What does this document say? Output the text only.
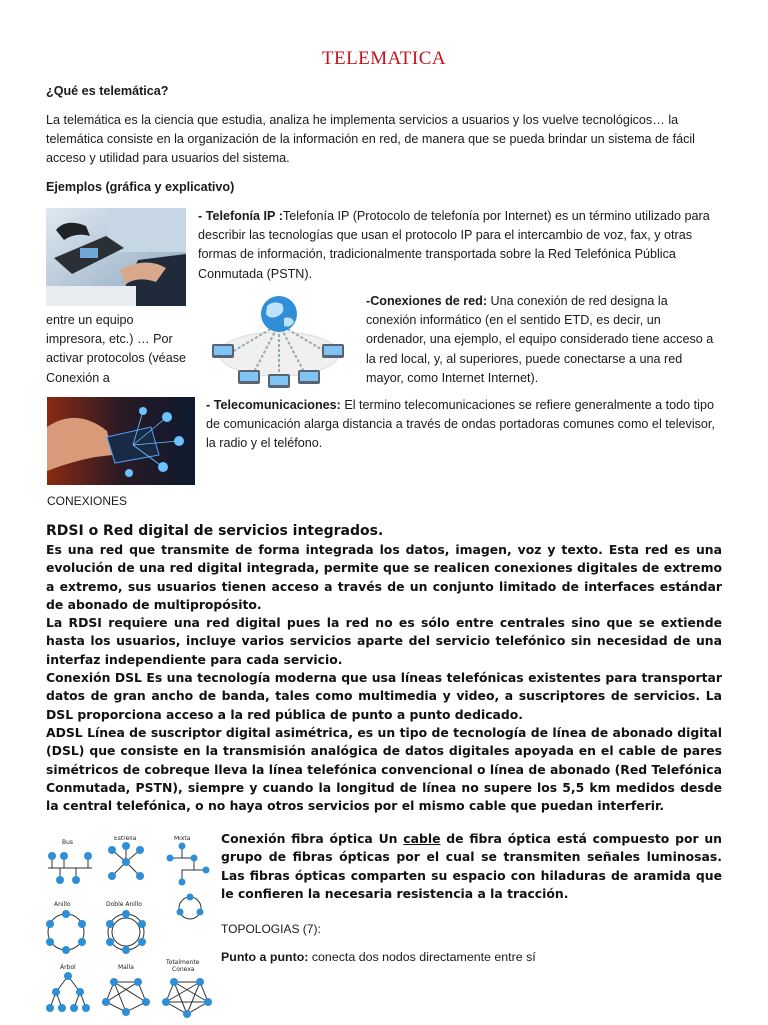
TELEMATICA
¿Qué es telemática?
La telemática es la ciencia que estudia, analiza he implementa servicios a usuarios y los vuelve tecnológicos… la telemática consiste en la organización de la información en red, de manera que se pueda brindar un sistema de fácil acceso y utilidad para usuarios del sistema.
Ejemplos (gráfica y explicativo)
- Telefonía IP :Telefonía IP (Protocolo de telefonía por Internet) es un término utilizado para describir las tecnologías que usan el protocolo IP para el intercambio de voz, fax, y otras formas de información, tradicionalmente transportada sobre la Red Telefónica Pública Conmutada (PSTN).
entre un equipo impresora, etc.) … Por activar protocolos (véase Conexión a
-Conexiones de red: Una conexión de red designa la conexión informático (en el sentido ETD, es decir, un ordenador, una ejemplo, el equipo considerado tiene acceso a la red local, y, al superiores, puede conectarse a una red mayor, como Internet Internet).
- Telecomunicaciones: El termino telecomunicaciones se refiere generalmente a todo tipo de comunicación alarga distancia a través de ondas portadoras comunes como el televisor, la radio y el teléfono.
CONEXIONES

RDSI o Red digital de servicios integrados.

Es una red que transmite de forma integrada los datos, imagen, voz y texto. Esta red es una evolución de una red digital integrada, permite que se realicen conexiones digitales de extremo a extremo, sus usuarios tienen acceso a través de un conjunto limitado de interfaces estándar de abonado de multipropósito.

La RDSI requiere una red digital pues la red no es sólo entre centrales sino que se extiende hasta los usuarios, incluye varios servicios aparte del servicio telefónico sin necesidad de una interfaz independiente para cada servicio.

Conexión DSL Es una tecnología moderna que usa líneas telefónicas existentes para transportar datos de gran ancho de banda, tales como multimedia y video, a suscriptores de servicios. La DSL proporciona acceso a la red pública de punto a punto dedicado.

ADSL Línea de suscriptor digital asimétrica, es un tipo de tecnología de línea de abonado digital (DSL) que consiste en la transmisión analógica de datos digitales apoyada en el cable de pares simétricos de cobreque lleva la línea telefónica convencional o línea de abonado (Red Telefónica Conmutada, PSTN), siempre y cuando la longitud de línea no supere los 5,5 km medidos desde la central telefónica, o no haya otros servicios por el mismo cable que puedan interferir.

Bus
Estrella	Mixta
Anillo	Doble Anillo
Árbol	Malla
Totalmente
Conexa
Conexión fibra óptica Un cable de fibra óptica está compuesto por un grupo de fibras ópticas por el cual se transmiten señales luminosas. Las fibras ópticas comparten su espacio con hiladuras de aramida que le confieren la necesaria resistencia a la tracción.
TOPOLOGIAS (7):
Punto a punto: conecta dos nodos directamente entre sí
